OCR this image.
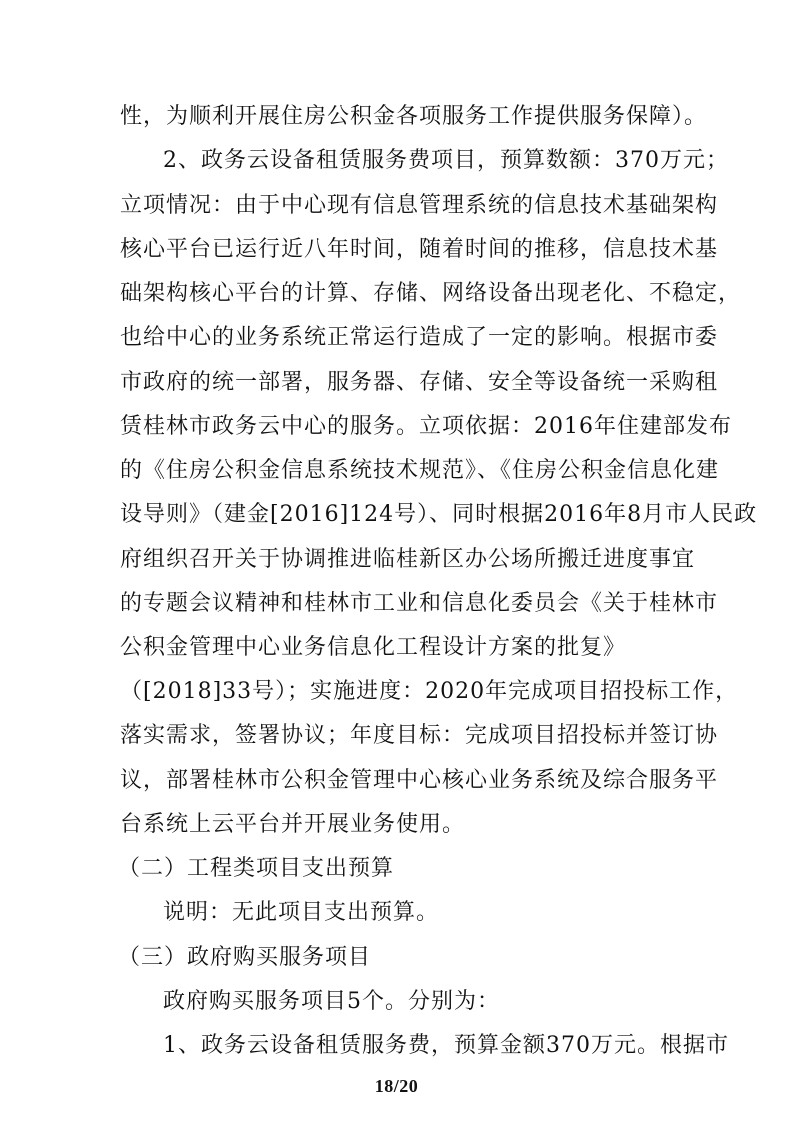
性，为顺利开展住房公积金各项服务工作提供服务保障）。
2、政务云设备租赁服务费项目，预算数额：370万元；
立项情况：由于中心现有信息管理系统的信息技术基础架构
核心平台已运行近八年时间，随着时间的推移，信息技术基
础架构核心平台的计算、存储、网络设备出现老化、不稳定，
也给中心的业务系统正常运行造成了一定的影响。根据市委
市政府的统一部署，服务器、存储、安全等设备统一采购租
赁桂林市政务云中心的服务。立项依据：2016年住建部发布
的《住房公积金信息系统技术规范》、《住房公积金信息化建
设导则》（建金[2016]124号）、同时根据2016年8月市人民政
府组织召开关于协调推进临桂新区办公场所搬迁进度事宜
的专题会议精神和桂林市工业和信息化委员会《关于桂林市
公积金管理中心业务信息化工程设计方案的批复》
（[2018]33号）；实施进度：2020年完成项目招投标工作，
落实需求，签署协议；年度目标：完成项目招投标并签订协
议，部署桂林市公积金管理中心核心业务系统及综合服务平
台系统上云平台并开展业务使用。
（二）工程类项目支出预算
说明：无此项目支出预算。
（三）政府购买服务项目
政府购买服务项目5个。分别为：
1、政务云设备租赁服务费，预算金额370万元。根据市
18/20
